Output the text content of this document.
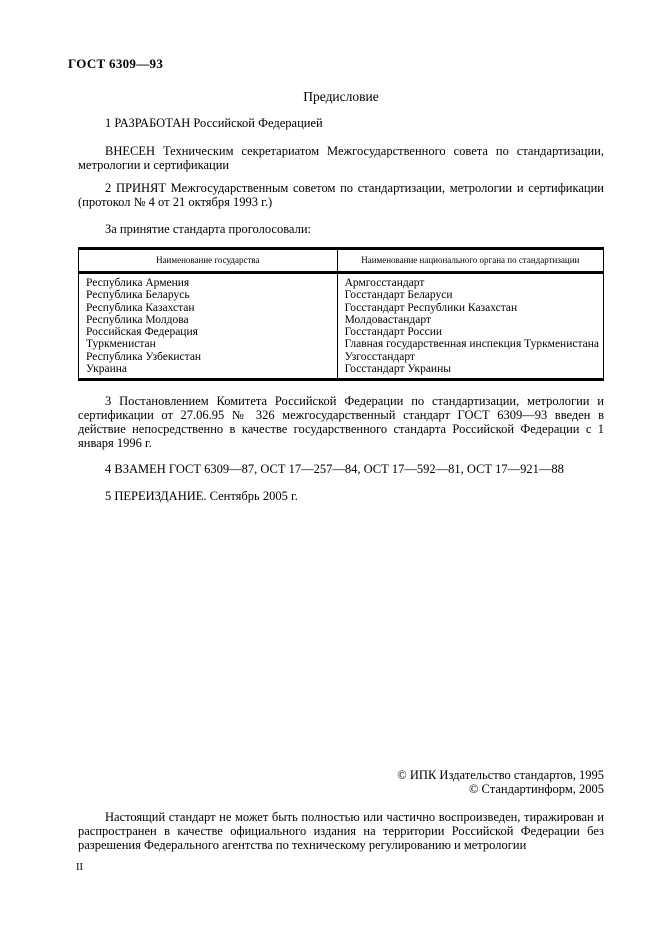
ГОСТ 6309—93
Предисловие

1 РАЗРАБОТАН Российской Федерацией

ВНЕСЕН Техническим секретариатом Межгосударственного совета по стандартизации, метрологии и сертификации

2 ПРИНЯТ Межгосударственным советом по стандартизации, метрологии и сертификации (протокол № 4 от 21 октября 1993 г.)

За принятие стандарта проголосовали:

Наименование государства	Наименование национального органа по стандартизации
Республика Армения	Армгосстандарт
Республика Беларусь	Госстандарт Беларуси
Республика Казахстан	Госстандарт Республики Казахстан
Республика Молдова	Молдовастандарт
Российская Федерация	Госстандарт России
Туркменистан	Главная государственная инспекция Туркменистана
Республика Узбекистан	Узгосстандарт
Украина	Госстандарт Украины

3 Постановлением Комитета Российской Федерации по стандартизации, метрологии и сертификации от 27.06.95 № 326 межгосударственный стандарт ГОСТ 6309—93 введен в действие непосредственно в качестве государственного стандарта Российской Федерации с 1 января 1996 г.

4 ВЗАМЕН ГОСТ 6309—87, ОСТ 17—257—84, ОСТ 17—592—81, ОСТ 17—921—88

5 ПЕРЕИЗДАНИЕ. Сентябрь 2005 г.

© ИПК Издательство стандартов, 1995
© Стандартинформ, 2005

Настоящий стандарт не может быть полностью или частично воспроизведен, тиражирован и распространен в качестве официального издания на территории Российской Федерации без разрешения Федерального агентства по техническому регулированию и метрологии

II
